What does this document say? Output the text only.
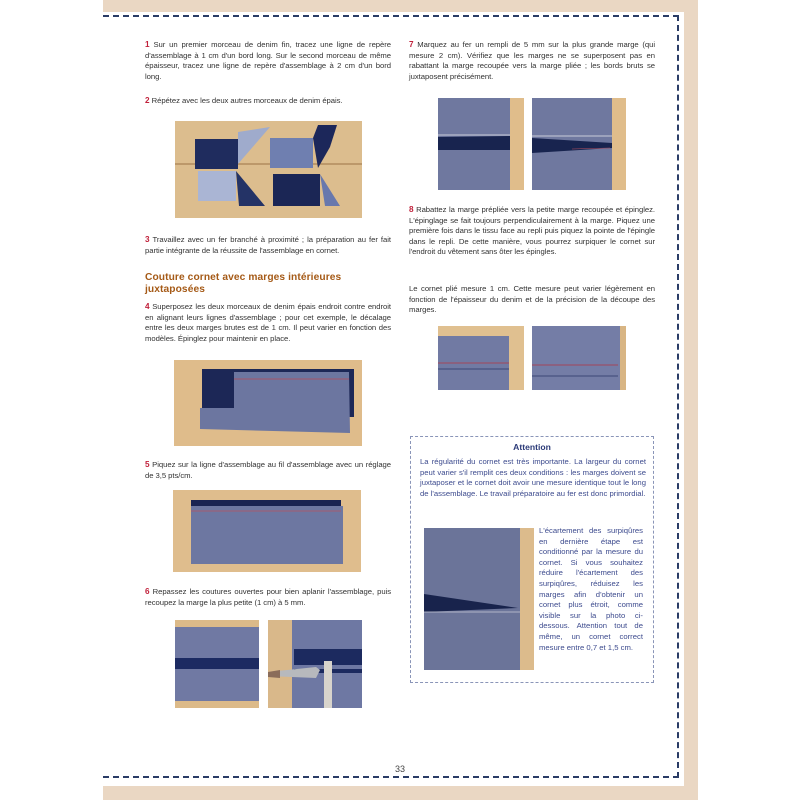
1 Sur un premier morceau de denim fin, tracez une ligne de repère d'assemblage à 1 cm d'un bord long. Sur le second morceau de même épaisseur, tracez une ligne de repère d'assemblage à 2 cm d'un bord long.

2 Répétez avec les deux autres morceaux de denim épais.

3 Travaillez avec un fer branché à proximité ; la préparation au fer fait partie intégrante de la réussite de l'assemblage en cornet.

Couture cornet avec marges intérieures juxtaposées

4 Superposez les deux morceaux de denim épais endroit contre endroit en alignant leurs lignes d'assemblage ; pour cet exemple, le décalage entre les deux marges brutes est de 1 cm. Il peut varier en fonction des modèles. Épinglez pour maintenir en place.

5 Piquez sur la ligne d'assemblage au fil d'assemblage avec un réglage de 3,5 pts/cm.

6 Repassez les coutures ouvertes pour bien aplanir l'assemblage, puis recoupez la marge la plus petite (1 cm) à 5 mm.

7 Marquez au fer un rempli de 5 mm sur la plus grande marge (qui mesure 2 cm). Vérifiez que les marges ne se superposent pas en rabattant la marge recoupée vers la marge pliée ; les bords bruts se juxtaposent précisément.

8 Rabattez la marge prépliée vers la petite marge recoupée et épinglez. L'épinglage se fait toujours perpendiculairement à la marge. Piquez une première fois dans le tissu face au repli puis piquez la pointe de l'épingle dans le repli. De cette manière, vous pourrez surpiquer le cornet sur l'endroit du vêtement sans ôter les épingles.

Le cornet plié mesure 1 cm. Cette mesure peut varier légèrement en fonction de l'épaisseur du denim et de la précision de la découpe des marges.

Attention

La régularité du cornet est très importante. La largeur du cornet peut varier s'il remplit ces deux conditions : les marges doivent se juxtaposer et le cornet doit avoir une mesure identique tout le long de l'assemblage. Le travail préparatoire au fer est donc primordial.

L'écartement des surpiqûres en dernière étape est conditionné par la mesure du cornet. Si vous souhaitez réduire l'écartement des surpiqûres, réduisez les marges afin d'obtenir un cornet plus étroit, comme visible sur la photo ci-dessous. Attention tout de même, un cornet correct mesure entre 0,7 et 1,5 cm.

33
